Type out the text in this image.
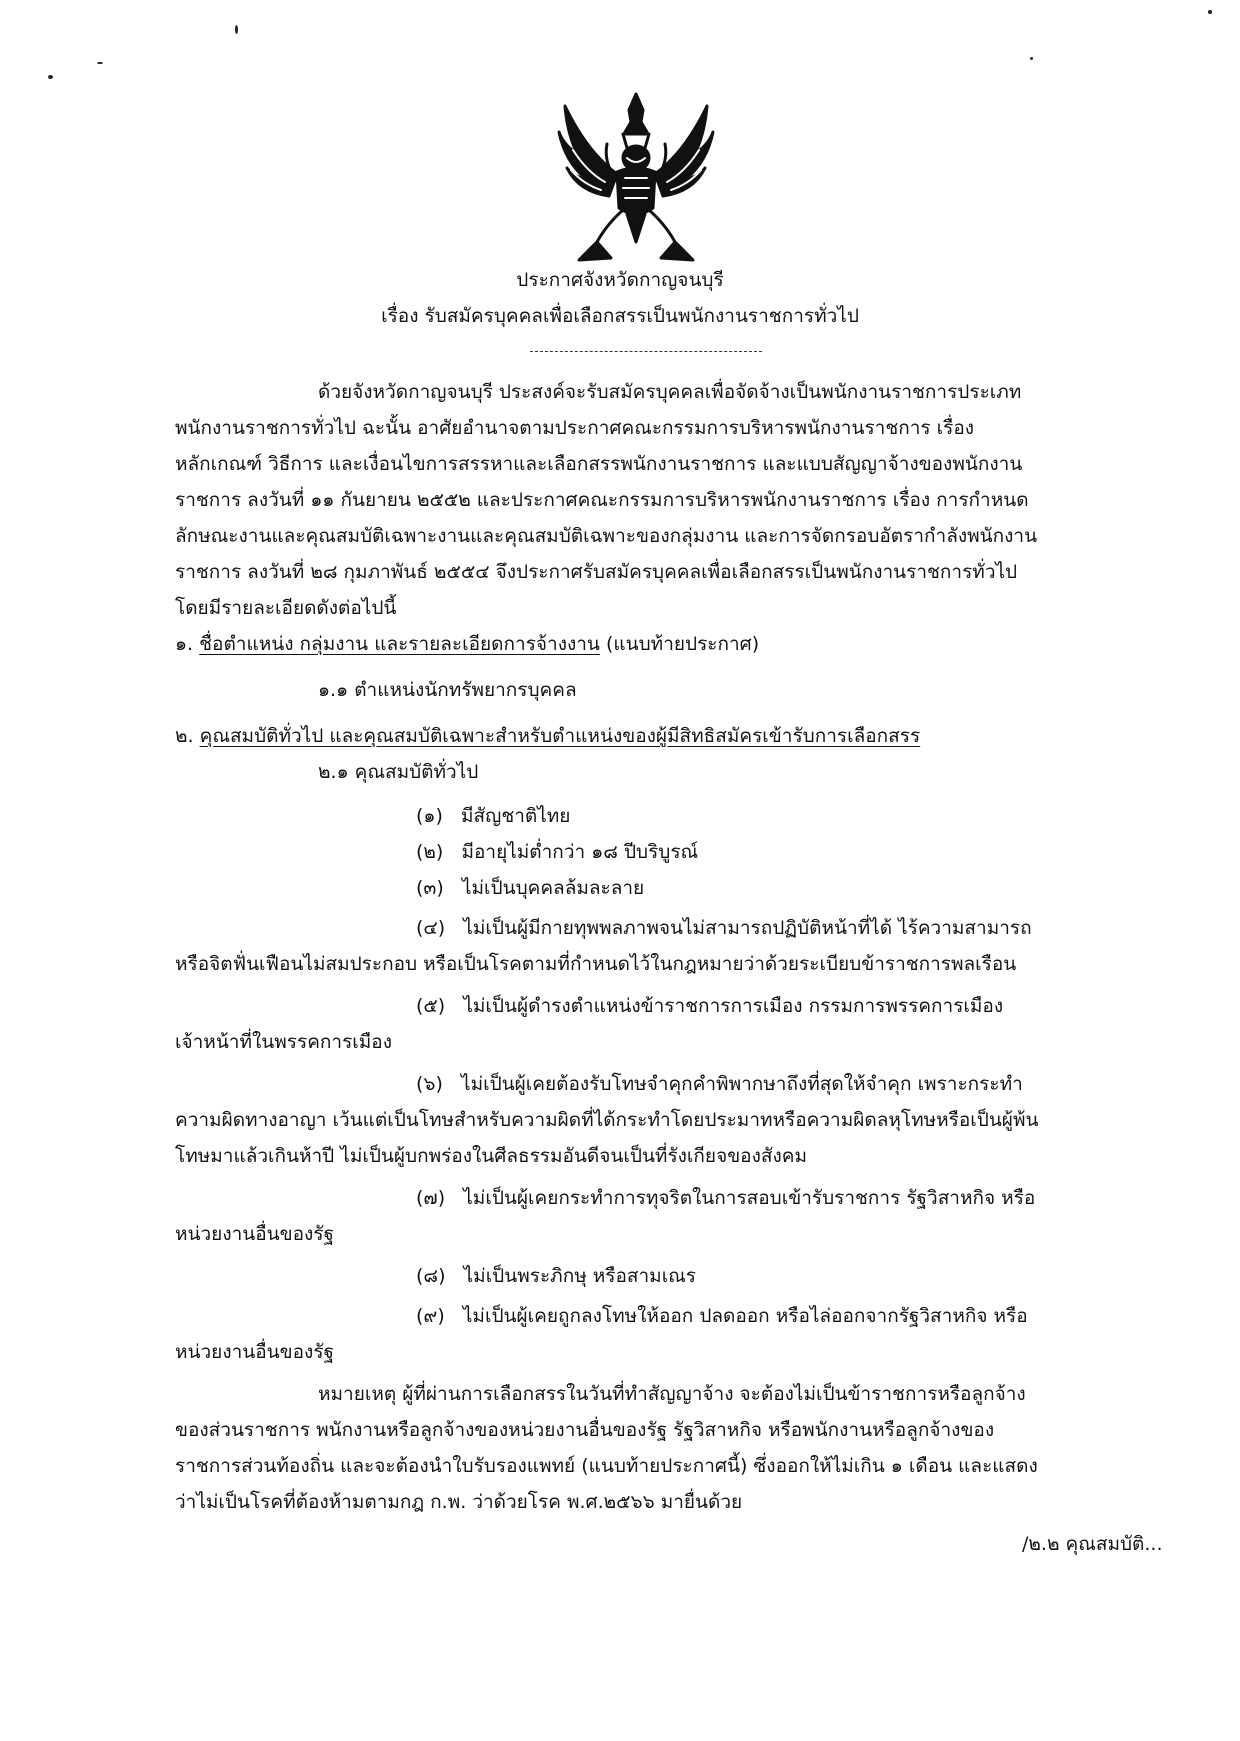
ประกาศจังหวัดกาญจนบุรี
เรื่อง รับสมัครบุคคลเพื่อเลือกสรรเป็นพนักงานราชการทั่วไป
ด้วยจังหวัดกาญจนบุรี ประสงค์จะรับสมัครบุคคลเพื่อจัดจ้างเป็นพนักงานราชการประเภท
พนักงานราชการทั่วไป ฉะนั้น อาศัยอำนาจตามประกาศคณะกรรมการบริหารพนักงานราชการ เรื่อง
หลักเกณฑ์ วิธีการ และเงื่อนไขการสรรหาและเลือกสรรพนักงานราชการ และแบบสัญญาจ้างของพนักงาน
ราชการ ลงวันที่ ๑๑ กันยายน ๒๕๕๒ และประกาศคณะกรรมการบริหารพนักงานราชการ เรื่อง การกำหนด
ลักษณะงานและคุณสมบัติเฉพาะงานและคุณสมบัติเฉพาะของกลุ่มงาน และการจัดกรอบอัตรากำลังพนักงาน
ราชการ ลงวันที่ ๒๘ กุมภาพันธ์ ๒๕๕๔ จึงประกาศรับสมัครบุคคลเพื่อเลือกสรรเป็นพนักงานราชการทั่วไป
โดยมีรายละเอียดดังต่อไปนี้
๑. ชื่อตำแหน่ง กลุ่มงาน และรายละเอียดการจ้างงาน (แนบท้ายประกาศ)
๑.๑ ตำแหน่งนักทรัพยากรบุคคล
๒. คุณสมบัติทั่วไป และคุณสมบัติเฉพาะสำหรับตำแหน่งของผู้มีสิทธิสมัครเข้ารับการเลือกสรร
๒.๑ คุณสมบัติทั่วไป
(๑) มีสัญชาติไทย
(๒) มีอายุไม่ต่ำกว่า ๑๘ ปีบริบูรณ์
(๓) ไม่เป็นบุคคลล้มละลาย
(๔) ไม่เป็นผู้มีกายทุพพลภาพจนไม่สามารถปฏิบัติหน้าที่ได้ ไร้ความสามารถ
หรือจิตฟั่นเฟือนไม่สมประกอบ หรือเป็นโรคตามที่กำหนดไว้ในกฎหมายว่าด้วยระเบียบข้าราชการพลเรือน
(๕) ไม่เป็นผู้ดำรงตำแหน่งข้าราชการการเมือง กรรมการพรรคการเมือง
เจ้าหน้าที่ในพรรคการเมือง
(๖) ไม่เป็นผู้เคยต้องรับโทษจำคุกคำพิพากษาถึงที่สุดให้จำคุก เพราะกระทำ
ความผิดทางอาญา เว้นแต่เป็นโทษสำหรับความผิดที่ได้กระทำโดยประมาทหรือความผิดลหุโทษหรือเป็นผู้พ้น
โทษมาแล้วเกินห้าปี ไม่เป็นผู้บกพร่องในศีลธรรมอันดีจนเป็นที่รังเกียจของสังคม
(๗) ไม่เป็นผู้เคยกระทำการทุจริตในการสอบเข้ารับราชการ รัฐวิสาหกิจ หรือ
หน่วยงานอื่นของรัฐ
(๘) ไม่เป็นพระภิกษุ หรือสามเณร
(๙) ไม่เป็นผู้เคยถูกลงโทษให้ออก ปลดออก หรือไล่ออกจากรัฐวิสาหกิจ หรือ
หน่วยงานอื่นของรัฐ
หมายเหตุ ผู้ที่ผ่านการเลือกสรรในวันที่ทำสัญญาจ้าง จะต้องไม่เป็นข้าราชการหรือลูกจ้าง
ของส่วนราชการ พนักงานหรือลูกจ้างของหน่วยงานอื่นของรัฐ รัฐวิสาหกิจ หรือพนักงานหรือลูกจ้างของ
ราชการส่วนท้องถิ่น และจะต้องนำใบรับรองแพทย์ (แนบท้ายประกาศนี้) ซึ่งออกให้ไม่เกิน ๑ เดือน และแสดง
ว่าไม่เป็นโรคที่ต้องห้ามตามกฎ ก.พ. ว่าด้วยโรค พ.ศ.๒๕๖๖ มายื่นด้วย
/๒.๒ คุณสมบัติ...
